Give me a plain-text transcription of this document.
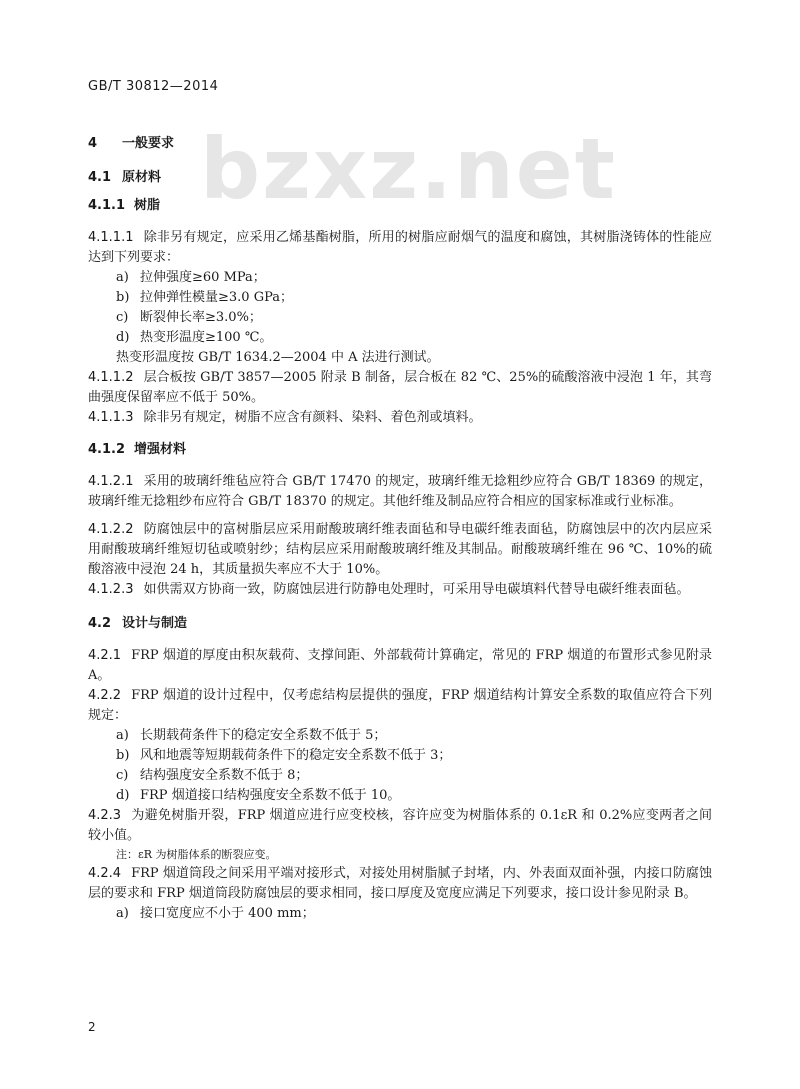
GB/T 30812—2014
bzxz.net

4 一般要求

4.1 原材料

4.1.1 树脂

4.1.1.1 除非另有规定，应采用乙烯基酯树脂，所用的树脂应耐烟气的温度和腐蚀，其树脂浇铸体的性能应达到下列要求：

a) 拉伸强度≥60 MPa；

b) 拉伸弹性模量≥3.0 GPa；

c) 断裂伸长率≥3.0%；

d) 热变形温度≥100 ℃。

热变形温度按 GB/T 1634.2—2004 中 A 法进行测试。

4.1.1.2 层合板按 GB/T 3857—2005 附录 B 制备，层合板在 82 ℃、25%的硫酸溶液中浸泡 1 年，其弯曲强度保留率应不低于 50%。

4.1.1.3 除非另有规定，树脂不应含有颜料、染料、着色剂或填料。

4.1.2 增强材料

4.1.2.1 采用的玻璃纤维毡应符合 GB/T 17470 的规定，玻璃纤维无捻粗纱应符合 GB/T 18369 的规定，玻璃纤维无捻粗纱布应符合 GB/T 18370 的规定。其他纤维及制品应符合相应的国家标准或行业标准。

4.1.2.2 防腐蚀层中的富树脂层应采用耐酸玻璃纤维表面毡和导电碳纤维表面毡，防腐蚀层中的次内层应采用耐酸玻璃纤维短切毡或喷射纱；结构层应采用耐酸玻璃纤维及其制品。耐酸玻璃纤维在 96 ℃、10%的硫酸溶液中浸泡 24 h，其质量损失率应不大于 10%。

4.1.2.3 如供需双方协商一致，防腐蚀层进行防静电处理时，可采用导电碳填料代替导电碳纤维表面毡。

4.2 设计与制造

4.2.1 FRP 烟道的厚度由积灰载荷、支撑间距、外部载荷计算确定，常见的 FRP 烟道的布置形式参见附录 A。

4.2.2 FRP 烟道的设计过程中，仅考虑结构层提供的强度，FRP 烟道结构计算安全系数的取值应符合下列规定：

a) 长期载荷条件下的稳定安全系数不低于 5；

b) 风和地震等短期载荷条件下的稳定安全系数不低于 3；

c) 结构强度安全系数不低于 8；

d) FRP 烟道接口结构强度安全系数不低于 10。

4.2.3 为避免树脂开裂，FRP 烟道应进行应变校核，容许应变为树脂体系的 0.1εR 和 0.2%应变两者之间较小值。

注：εR 为树脂体系的断裂应变。

4.2.4 FRP 烟道筒段之间采用平端对接形式，对接处用树脂腻子封堵，内、外表面双面补强，内接口防腐蚀层的要求和 FRP 烟道筒段防腐蚀层的要求相同，接口厚度及宽度应满足下列要求，接口设计参见附录 B。

a) 接口宽度应不小于 400 mm；

2
